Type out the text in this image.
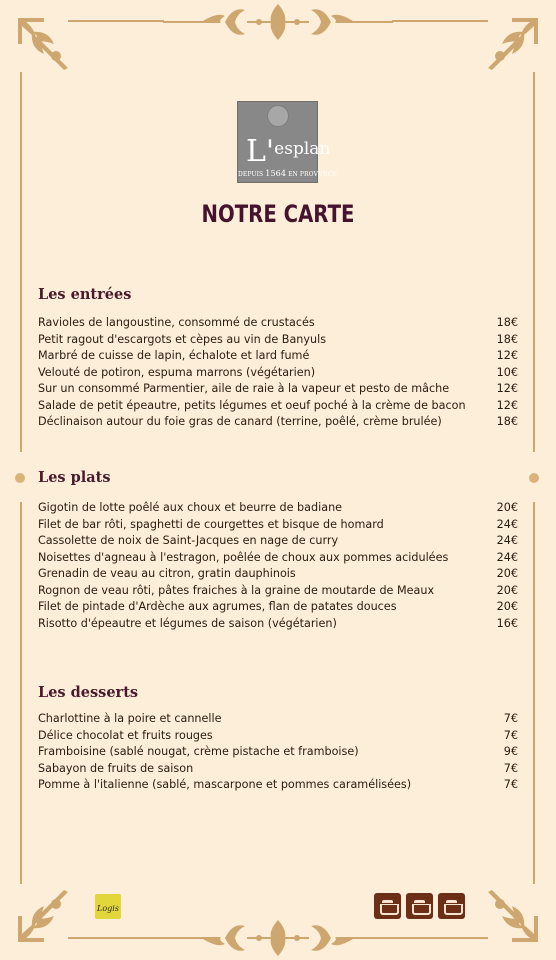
L'esplan
DEPUIS 1564 EN PROVENCE
NOTRE CARTE
Les entrées
Ravioles de langoustine, consommé de crustacés	18€
Petit ragout d'escargots et cèpes au vin de Banyuls	18€
Marbré de cuisse de lapin, échalote et lard fumé	12€
Velouté de potiron, espuma marrons (végétarien)	10€
Sur un consommé Parmentier, aile de raie à la vapeur et pesto de mâche	12€
Salade de petit épeautre, petits légumes et oeuf poché à la crème de bacon	12€
Déclinaison autour du foie gras de canard (terrine, poêlé, crème brulée)	18€
Les plats
Gigotin de lotte poêlé aux choux et beurre de badiane	20€
Filet de bar rôti, spaghetti de courgettes et bisque de homard	24€
Cassolette de noix de Saint-Jacques en nage de curry	24€
Noisettes d'agneau à l'estragon, poêlée de choux aux pommes acidulées	24€
Grenadin de veau au citron, gratin dauphinois	20€
Rognon de veau rôti, pâtes fraiches à la graine de moutarde de Meaux	20€
Filet de pintade d'Ardèche aux agrumes, flan de patates douces	20€
Risotto d'épeautre et légumes de saison (végétarien)	16€
Les desserts
Charlottine à la poire et cannelle	7€
Délice chocolat et fruits rouges	7€
Framboisine (sablé nougat, crème pistache et framboise)	9€
Sabayon de fruits de saison	7€
Pomme à l'italienne (sablé, mascarpone et pommes caramélisées)	7€
Logis
